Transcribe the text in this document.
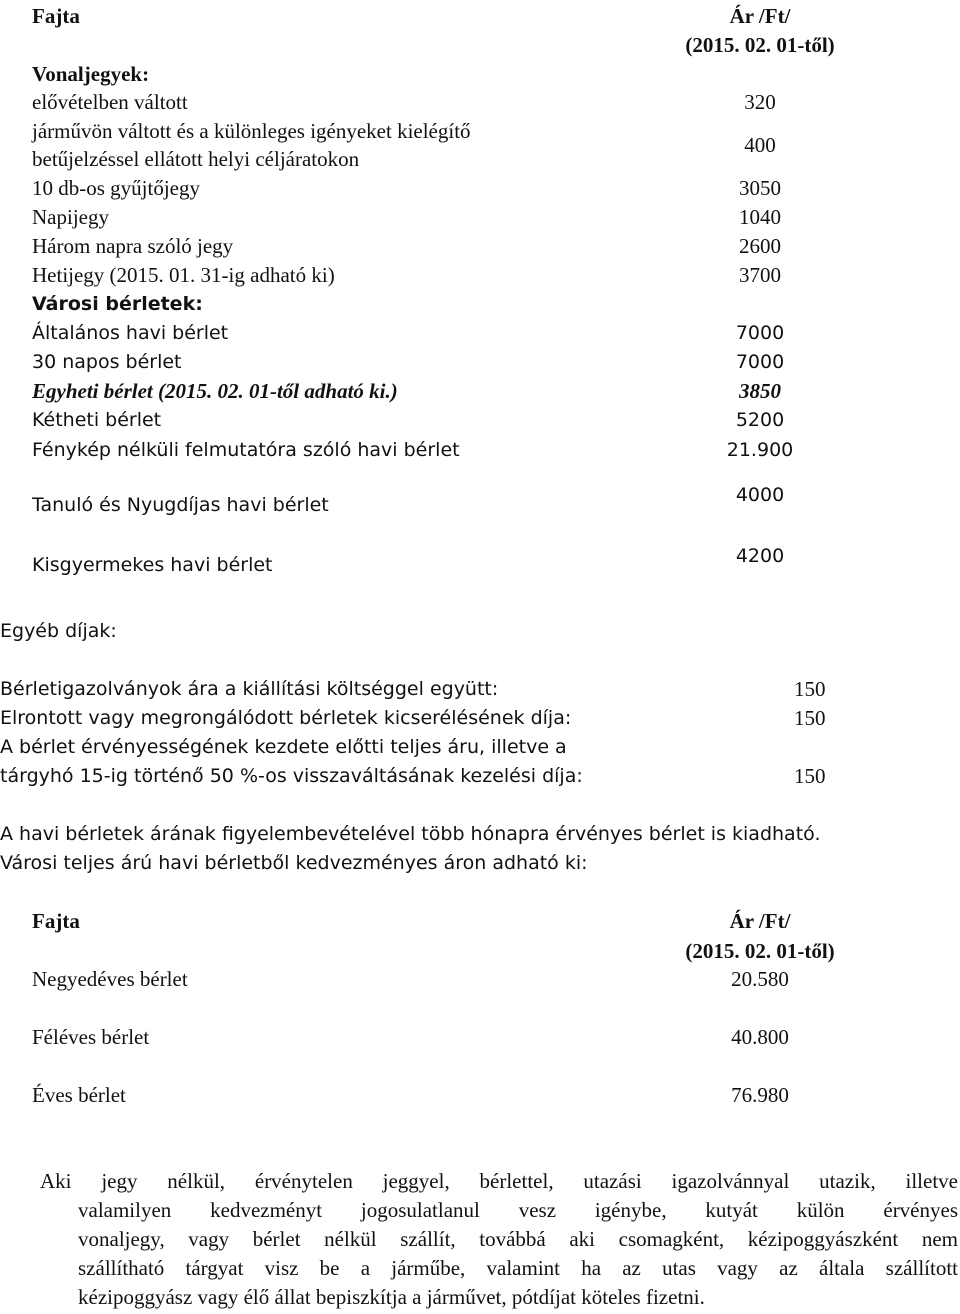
Fajta	Ár /Ft/
(2015. 02. 01-től)
Vonaljegyek:
elővételben váltott	320
járművön váltott és a különleges igényeket kielégítő
betűjelzéssel ellátott helyi céljáratokon
400
10 db-os gyűjtőjegy	3050
Napijegy	1040
Három napra szóló jegy	2600
Hetijegy (2015. 01. 31-ig adható ki)	3700
Városi bérletek:
Általános havi bérlet	7000
30 napos bérlet	7000
Egyheti bérlet (2015. 02. 01-től adható ki.)	3850
Kétheti bérlet	5200
Fénykép nélküli felmutatóra szóló havi bérlet	21.900
Tanuló és Nyugdíjas havi bérlet	4000
Kisgyermekes havi bérlet	4200
Egyéb díjak:
Bérletigazolványok ára a kiállítási költséggel együtt:	150
Elrontott vagy megrongálódott bérletek kicserélésének díja:	150
A bérlet érvényességének kezdete előtti teljes áru, illetve a
tárgyhó 15-ig történő 50 %-os visszaváltásának kezelési díja:	150
A havi bérletek árának figyelembevételével több hónapra érvényes bérlet is kiadható.
Városi teljes árú havi bérletből kedvezményes áron adható ki:
Fajta	Ár /Ft/
(2015. 02. 01-től)
Negyedéves bérlet	20.580
Féléves bérlet	40.800
Éves bérlet	76.980
Aki jegy nélkül, érvénytelen jeggyel, bérlettel, utazási igazolvánnyal utazik, illetve
valamilyen kedvezményt jogosulatlanul vesz igénybe, kutyát külön érvényes
vonaljegy, vagy bérlet nélkül szállít, továbbá aki csomagként, kézipoggyászként nem
szállítható tárgyat visz be a járműbe, valamint ha az utas vagy az általa szállított
kézipoggyász vagy élő állat bepiszkítja a járművet, pótdíjat köteles fizetni.
